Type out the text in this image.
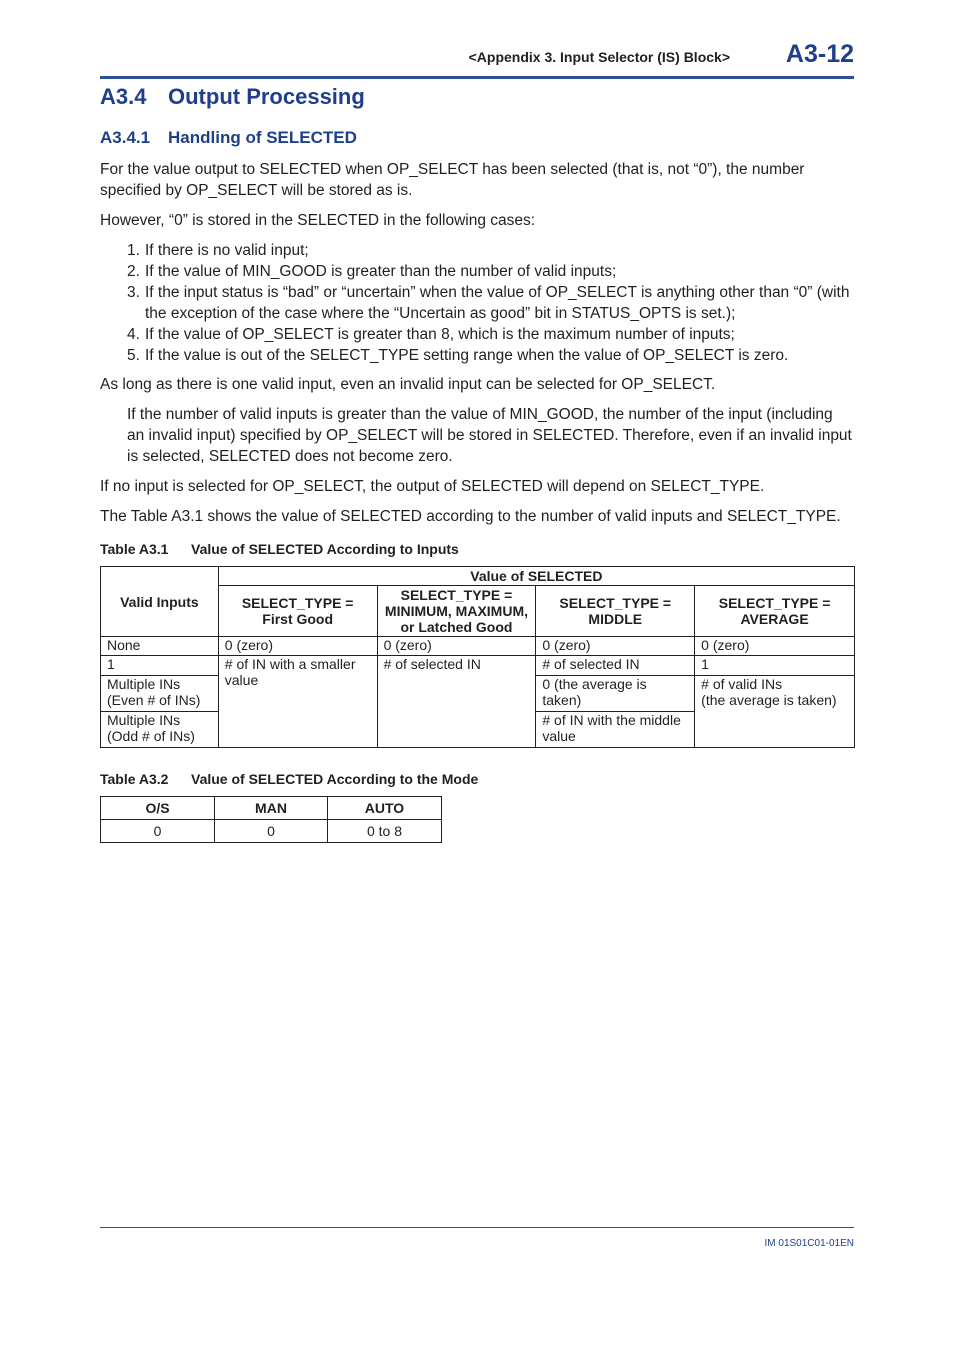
<Appendix 3. Input Selector (IS) Block> A3-12
A3.4 Output Processing
A3.4.1 Handling of SELECTED

For the value output to SELECTED when OP_SELECT has been selected (that is, not “0”), the number specified by OP_SELECT will be stored as is.

However, “0” is stored in the SELECTED in the following cases:

1. If there is no valid input;
2. If the value of MIN_GOOD is greater than the number of valid inputs;
3. If the input status is “bad” or “uncertain” when the value of OP_SELECT is anything other than “0” (with the exception of the case where the “Uncertain as good” bit in STATUS_OPTS is set.);
4. If the value of OP_SELECT is greater than 8, which is the maximum number of inputs;
5. If the value is out of the SELECT_TYPE setting range when the value of OP_SELECT is zero.

As long as there is one valid input, even an invalid input can be selected for OP_SELECT.

If the number of valid inputs is greater than the value of MIN_GOOD, the number of the input (including an invalid input) specified by OP_SELECT will be stored in SELECTED. Therefore, even if an invalid input is selected, SELECTED does not become zero.

If no input is selected for OP_SELECT, the output of SELECTED will depend on SELECT_TYPE.

The Table A3.1 shows the value of SELECTED according to the number of valid inputs and SELECT_TYPE.

Table A3.1 Value of SELECTED According to Inputs
Valid Inputs	Value of SELECTED			
	SELECT_TYPE = First Good	SELECT_TYPE =
MINIMUM, MAXIMUM,
or Latched Good	SELECT_TYPE = MIDDLE	SELECT_TYPE = AVERAGE
None	0 (zero)	0 (zero)	0 (zero)	0 (zero)
1	# of IN with a smaller value	# of selected IN	# of selected IN	1
Multiple INs
(Even # of INs)			0 (the average is taken)	# of valid INs
(the average is taken)
Multiple INs
(Odd # of INs)			# of IN with the middle value	
Table A3.2 Value of SELECTED According to the Mode
O/S	MAN	AUTO
0	0	0 to 8
IM 01S01C01-01EN
